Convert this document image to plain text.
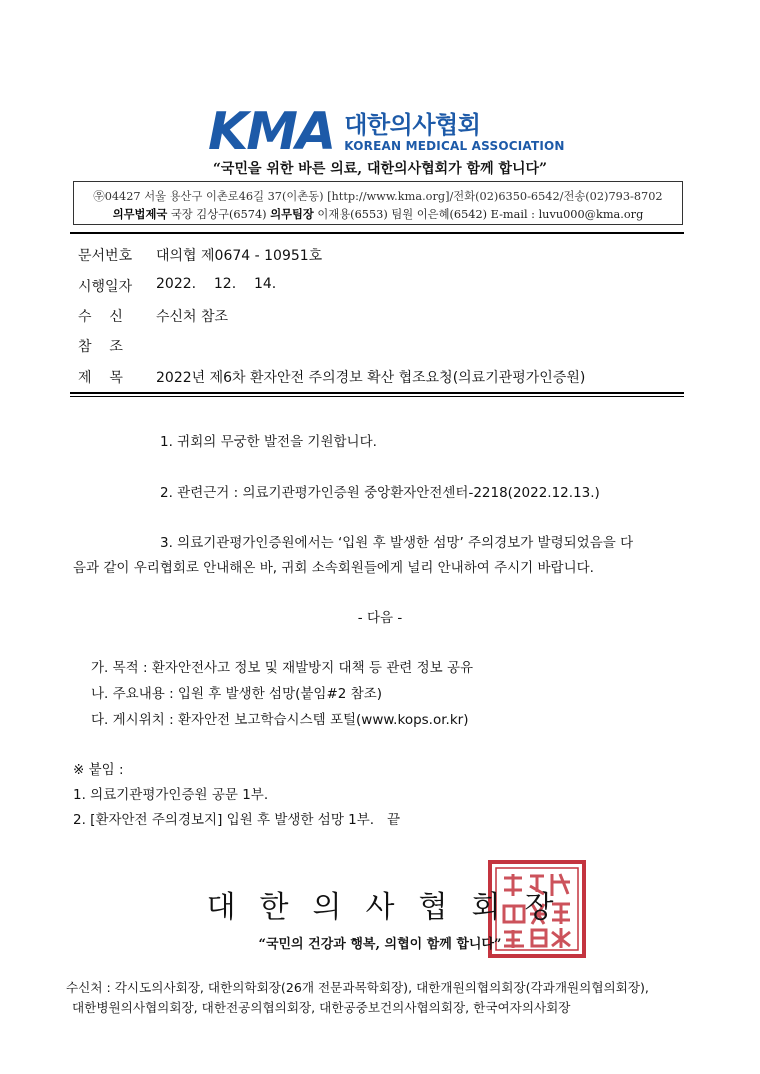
KMA 대한의사협회
KOREAN MEDICAL ASSOCIATION
“국민을 위한 바른 의료, 대한의사협회가 함께 합니다”
㉾04427 서울 용산구 이촌로46길 37(이촌동) [http://www.kma.org]/전화(02)6350-6542/전송(02)793-8702
의무법제국 국장 김상구(6574) 의무팀장 이재용(6553) 팀원 이은혜(6542) E-mail : luvu000@kma.org
문서번호	대의협 제0674 - 10951호
시행일자	2022.    12.    14.
수    신	수신처 참조
참    조
제    목	2022년 제6차 환자안전 주의경보 확산 협조요청(의료기관평가인증원)
1. 귀회의 무궁한 발전을 기원합니다.
2. 관련근거 : 의료기관평가인증원 중앙환자안전센터-2218(2022.12.13.)
3. 의료기관평가인증원에서는 ‘입원 후 발생한 섬망’ 주의경보가 발령되었음을 다
음과 같이 우리협회로 안내해온 바, 귀회 소속회원들에게 널리 안내하여 주시기 바랍니다.
- 다음 -
가. 목적 : 환자안전사고 정보 및 재발방지 대책 등 관련 정보 공유
나. 주요내용 : 입원 후 발생한 섬망(붙임#2 참조)
다. 게시위치 : 환자안전 보고학습시스템 포털(www.kops.or.kr)
※ 붙임 :
1. 의료기관평가인증원 공문 1부.
2. [환자안전 주의경보지] 입원 후 발생한 섬망 1부.   끝
대한의사협회장
“국민의 건강과 행복, 의협이 함께 합니다”
수신처 : 각시도의사회장, 대한의학회장(26개 전문과목학회장), 대한개원의협의회장(각과개원의협의회장),
대한병원의사협의회장, 대한전공의협의회장, 대한공중보건의사협의회장, 한국여자의사회장
